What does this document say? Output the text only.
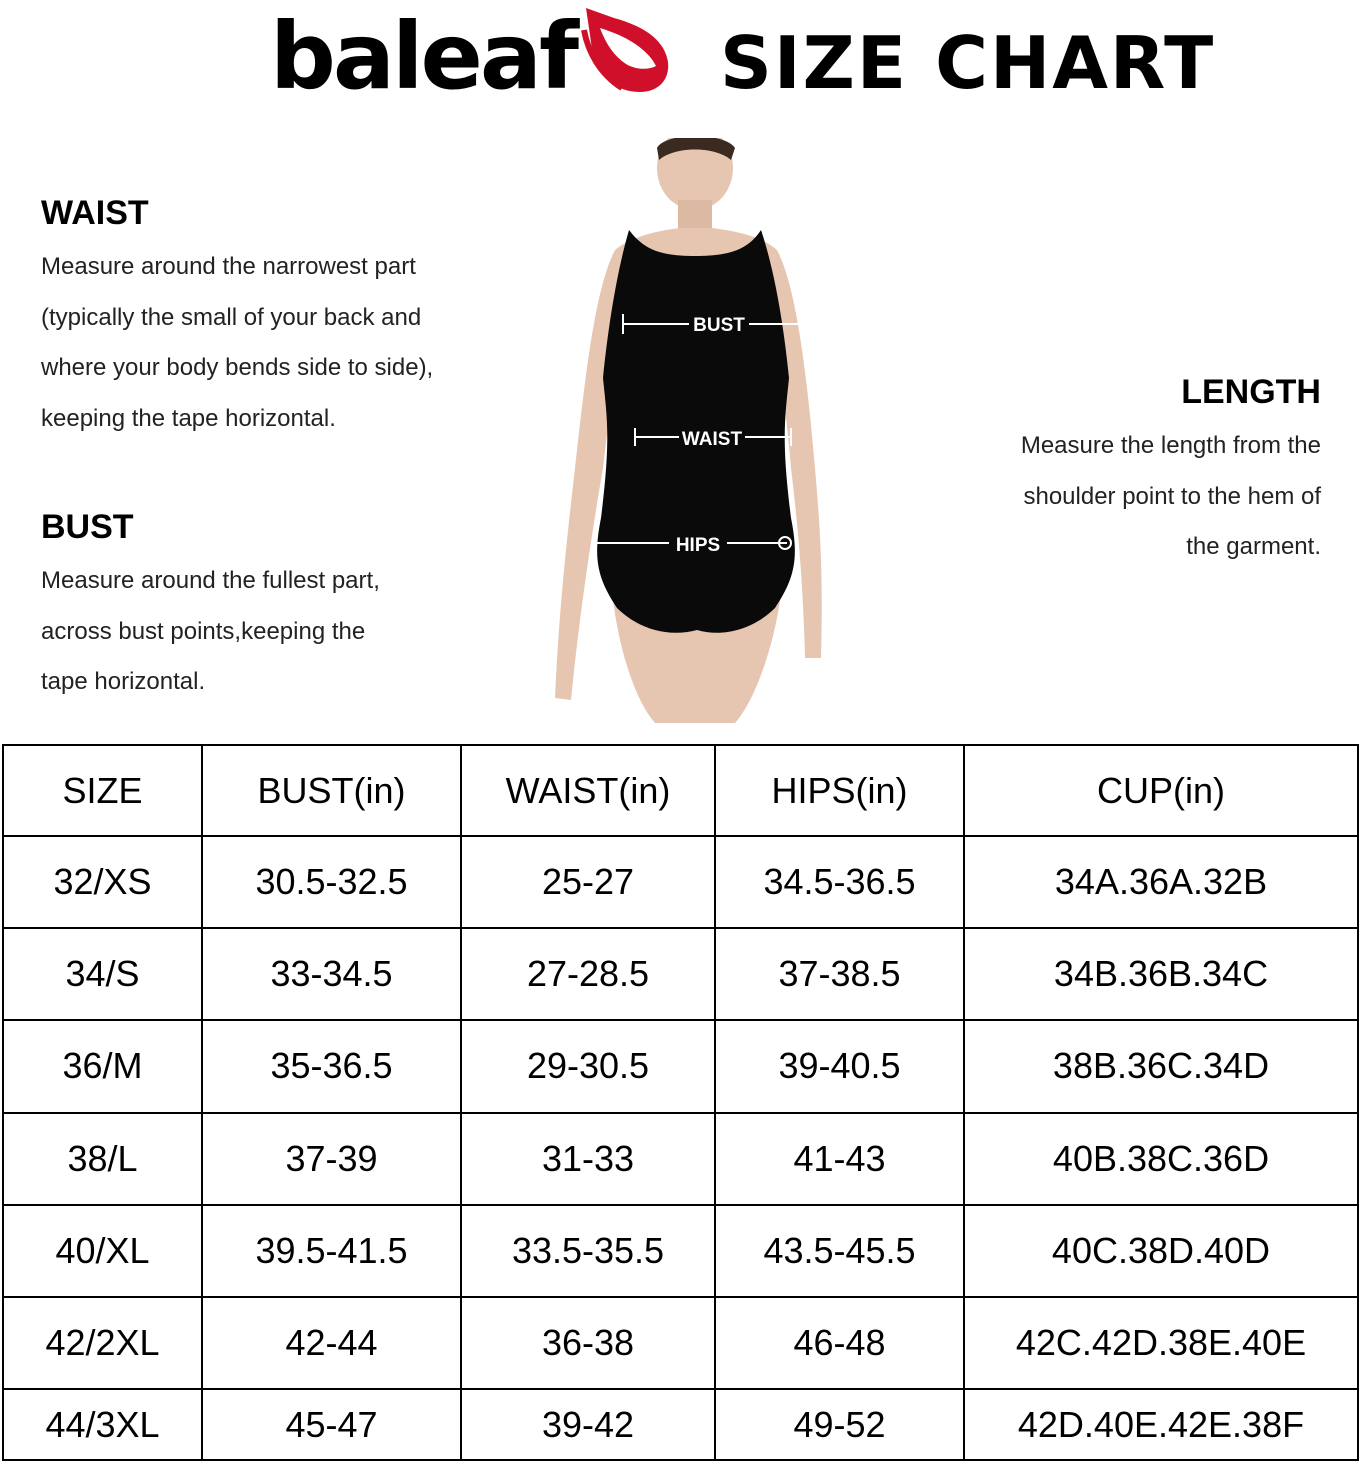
baleaf SIZE CHART
WAIST
Measure around the narrowest part
(typically the small of your back and
where your body bends side to side),
keeping the tape horizontal.
BUST
Measure around the fullest part,
across bust points,keeping the
tape horizontal.
LENGTH
Measure the length from the
shoulder point to the hem of
the garment.
BUST
WAIST
HIPS
SIZE	BUST(in)	WAIST(in)	HIPS(in)	CUP(in)
32/XS	30.5-32.5	25-27	34.5-36.5	34A.36A.32B
34/S	33-34.5	27-28.5	37-38.5	34B.36B.34C
36/M	35-36.5	29-30.5	39-40.5	38B.36C.34D
38/L	37-39	31-33	41-43	40B.38C.36D
40/XL	39.5-41.5	33.5-35.5	43.5-45.5	40C.38D.40D
42/2XL	42-44	36-38	46-48	42C.42D.38E.40E
44/3XL	45-47	39-42	49-52	42D.40E.42E.38F
